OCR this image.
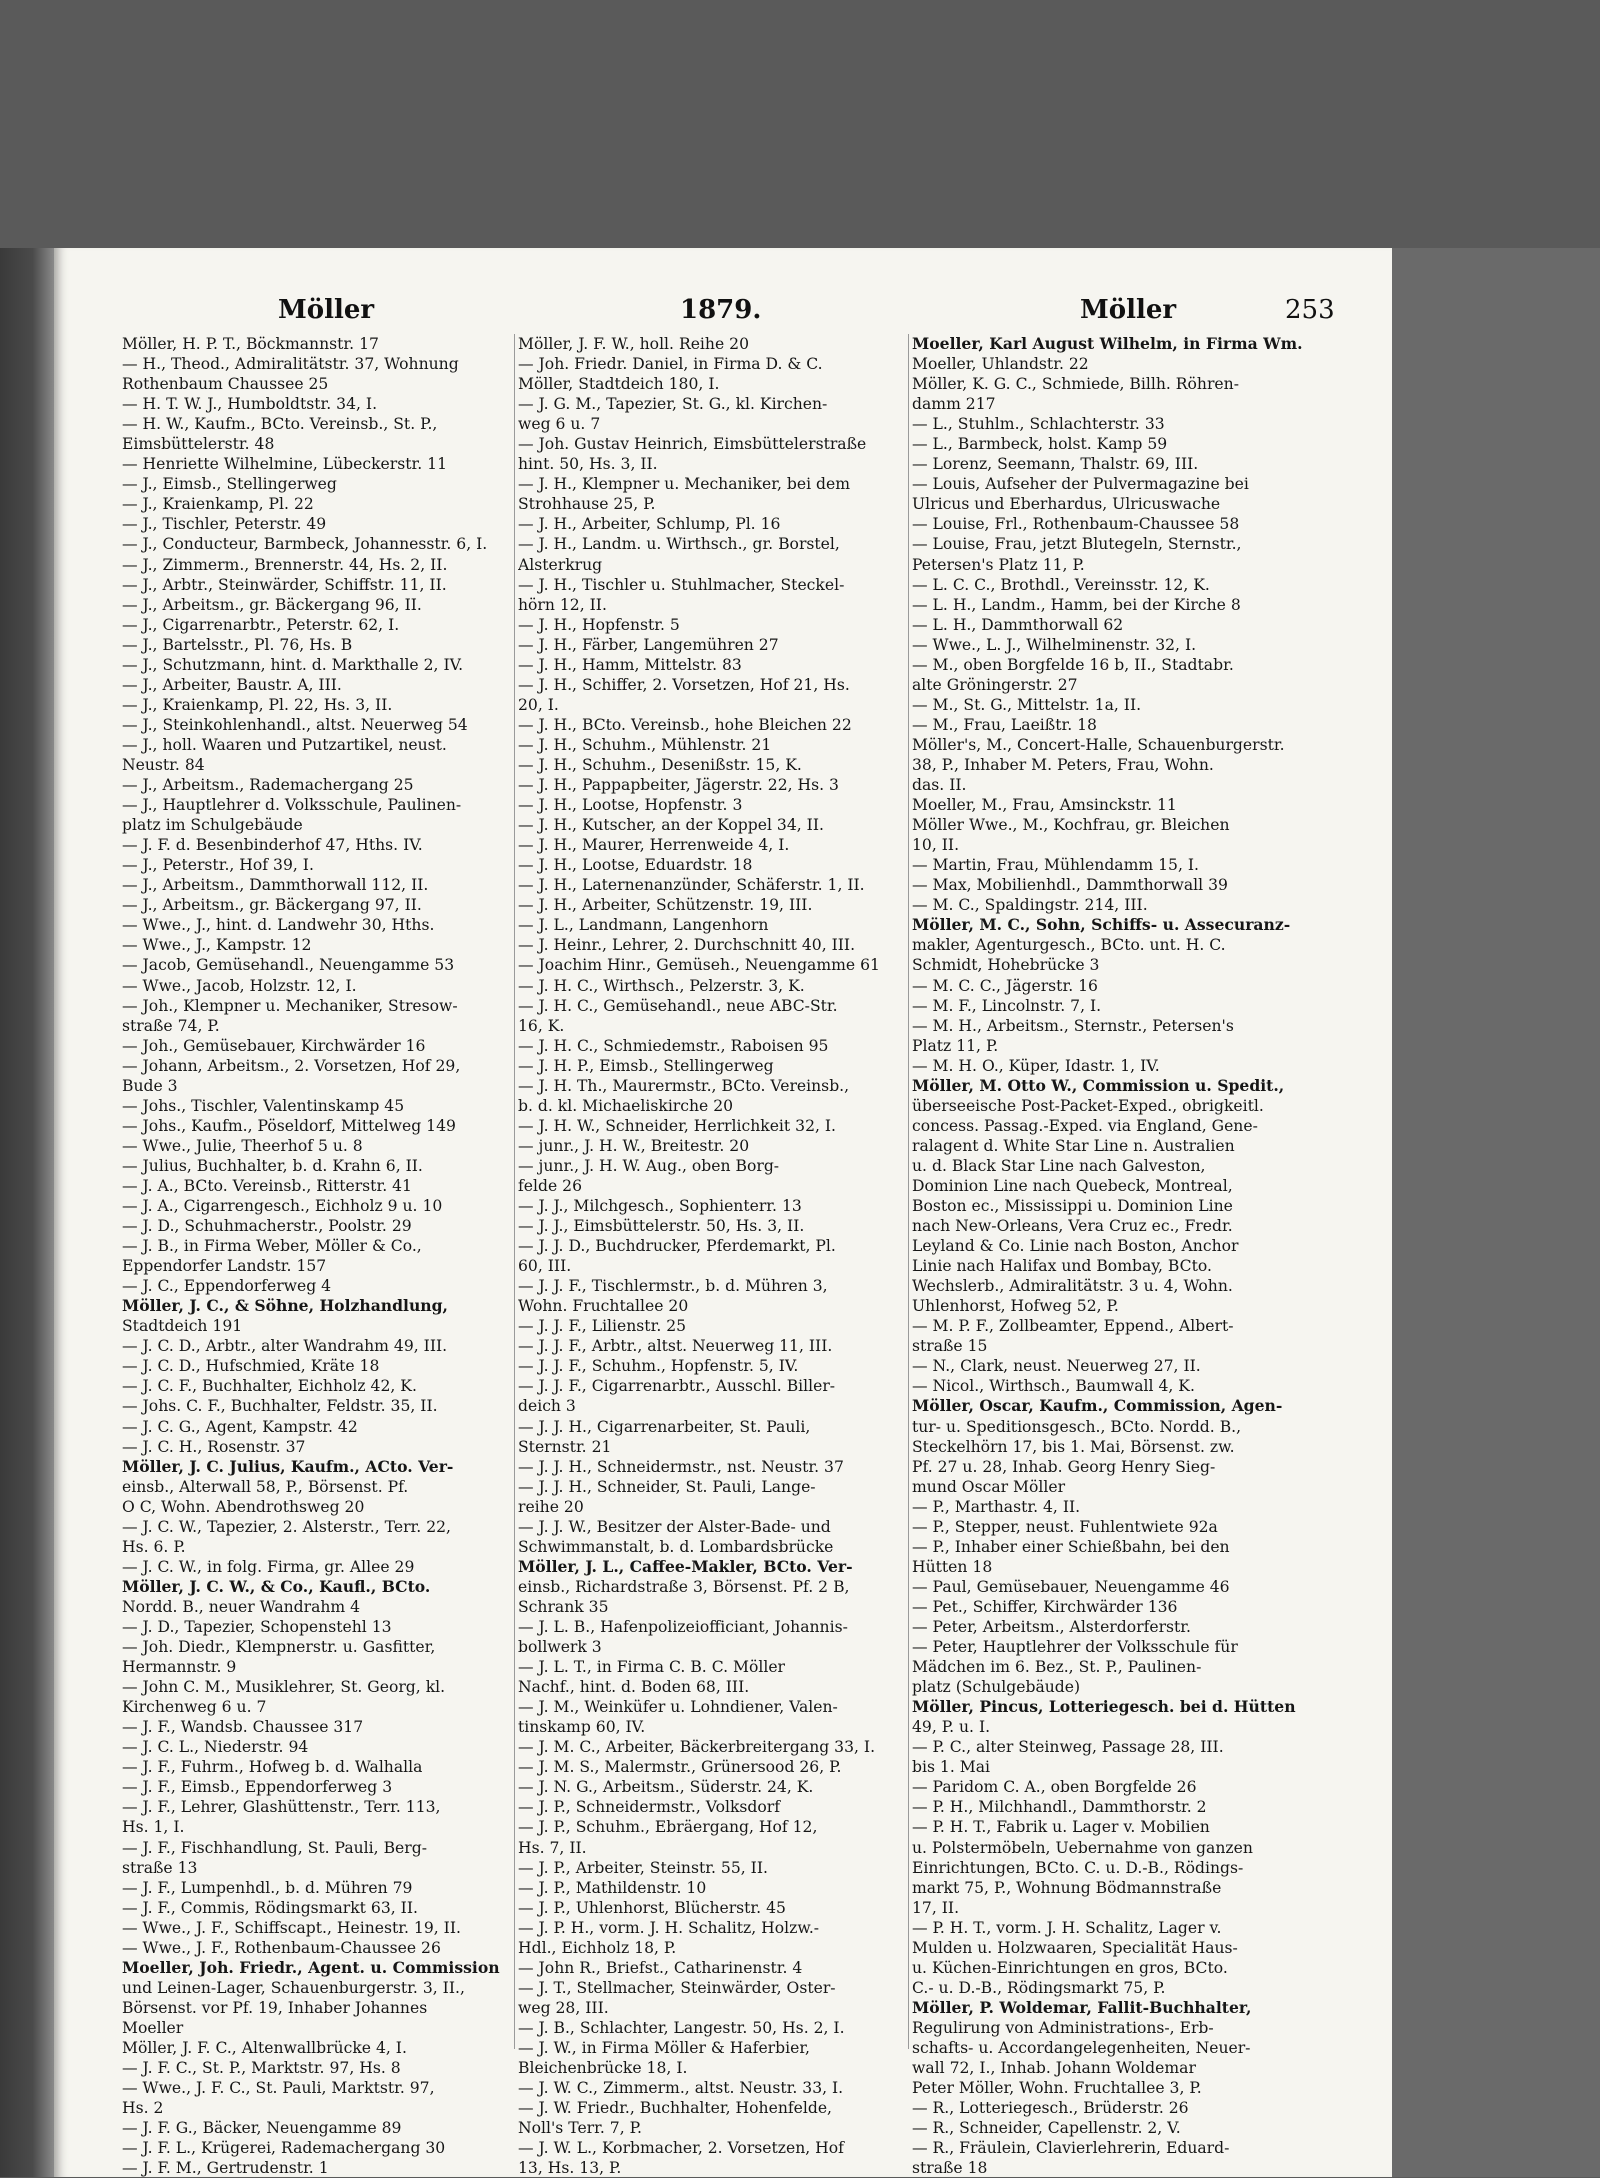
Möller	1879.	Möller	253
Möller, H. P. T., Böckmannstr. 17
— H., Theod., Admiralitätstr. 37, Wohnung
Rothenbaum Chaussee 25
— H. T. W. J., Humboldtstr. 34, I.
— H. W., Kaufm., BCto. Vereinsb., St. P.,
Eimsbüttelerstr. 48
— Henriette Wilhelmine, Lübeckerstr. 11
— J., Eimsb., Stellingerweg
— J., Kraienkamp, Pl. 22
— J., Tischler, Peterstr. 49
— J., Conducteur, Barmbeck, Johannesstr. 6, I.
— J., Zimmerm., Brennerstr. 44, Hs. 2, II.
— J., Arbtr., Steinwärder, Schiffstr. 11, II.
— J., Arbeitsm., gr. Bäckergang 96, II.
— J., Cigarrenarbtr., Peterstr. 62, I.
— J., Bartelsstr., Pl. 76, Hs. B
— J., Schutzmann, hint. d. Markthalle 2, IV.
— J., Arbeiter, Baustr. A, III.
— J., Kraienkamp, Pl. 22, Hs. 3, II.
— J., Steinkohlenhandl., altst. Neuerweg 54
— J., holl. Waaren und Putzartikel, neust.
Neustr. 84
— J., Arbeitsm., Rademachergang 25
— J., Hauptlehrer d. Volksschule, Paulinen-
platz im Schulgebäude
— J. F. d. Besenbinderhof 47, Hths. IV.
— J., Peterstr., Hof 39, I.
— J., Arbeitsm., Dammthorwall 112, II.
— J., Arbeitsm., gr. Bäckergang 97, II.
— Wwe., J., hint. d. Landwehr 30, Hths.
— Wwe., J., Kampstr. 12
— Jacob, Gemüsehandl., Neuengamme 53
— Wwe., Jacob, Holzstr. 12, I.
— Joh., Klempner u. Mechaniker, Stresow-
straße 74, P.
— Joh., Gemüsebauer, Kirchwärder 16
— Johann, Arbeitsm., 2. Vorsetzen, Hof 29,
Bude 3
— Johs., Tischler, Valentinskamp 45
— Johs., Kaufm., Pöseldorf, Mittelweg 149
— Wwe., Julie, Theerhof 5 u. 8
— Julius, Buchhalter, b. d. Krahn 6, II.
— J. A., BCto. Vereinsb., Ritterstr. 41
— J. A., Cigarrengesch., Eichholz 9 u. 10
— J. D., Schuhmacherstr., Poolstr. 29
— J. B., in Firma Weber, Möller & Co.,
Eppendorfer Landstr. 157
— J. C., Eppendorferweg 4
Möller, J. C., & Söhne, Holzhandlung,
Stadtdeich 191
— J. C. D., Arbtr., alter Wandrahm 49, III.
— J. C. D., Hufschmied, Kräte 18
— J. C. F., Buchhalter, Eichholz 42, K.
— Johs. C. F., Buchhalter, Feldstr. 35, II.
— J. C. G., Agent, Kampstr. 42
— J. C. H., Rosenstr. 37
Möller, J. C. Julius, Kaufm., ACto. Ver-
einsb., Alterwall 58, P., Börsenst. Pf.
O C, Wohn. Abendrothsweg 20
— J. C. W., Tapezier, 2. Alsterstr., Terr. 22,
Hs. 6. P.
— J. C. W., in folg. Firma, gr. Allee 29
Möller, J. C. W., & Co., Kaufl., BCto.
Nordd. B., neuer Wandrahm 4
— J. D., Tapezier, Schopenstehl 13
— Joh. Diedr., Klempnerstr. u. Gasfitter,
Hermannstr. 9
— John C. M., Musiklehrer, St. Georg, kl.
Kirchenweg 6 u. 7
— J. F., Wandsb. Chaussee 317
— J. C. L., Niederstr. 94
— J. F., Fuhrm., Hofweg b. d. Walhalla
— J. F., Eimsb., Eppendorferweg 3
— J. F., Lehrer, Glashüttenstr., Terr. 113,
Hs. 1, I.
— J. F., Fischhandlung, St. Pauli, Berg-
straße 13
— J. F., Lumpenhdl., b. d. Mühren 79
— J. F., Commis, Rödingsmarkt 63, II.
— Wwe., J. F., Schiffscapt., Heinestr. 19, II.
— Wwe., J. F., Rothenbaum-Chaussee 26
Moeller, Joh. Friedr., Agent. u. Commission
und Leinen-Lager, Schauenburgerstr. 3, II.,
Börsenst. vor Pf. 19, Inhaber Johannes
Moeller
Möller, J. F. C., Altenwallbrücke 4, I.
— J. F. C., St. P., Marktstr. 97, Hs. 8
— Wwe., J. F. C., St. Pauli, Marktstr. 97,
Hs. 2
— J. F. G., Bäcker, Neuengamme 89
— J. F. L., Krügerei, Rademachergang 30
— J. F. M., Gertrudenstr. 1
Möller, J. F. W., holl. Reihe 20
— Joh. Friedr. Daniel, in Firma D. & C.
Möller, Stadtdeich 180, I.
— J. G. M., Tapezier, St. G., kl. Kirchen-
weg 6 u. 7
— Joh. Gustav Heinrich, Eimsbüttelerstraße
hint. 50, Hs. 3, II.
— J. H., Klempner u. Mechaniker, bei dem
Strohhause 25, P.
— J. H., Arbeiter, Schlump, Pl. 16
— J. H., Landm. u. Wirthsch., gr. Borstel,
Alsterkrug
— J. H., Tischler u. Stuhlmacher, Steckel-
hörn 12, II.
— J. H., Hopfenstr. 5
— J. H., Färber, Langemühren 27
— J. H., Hamm, Mittelstr. 83
— J. H., Schiffer, 2. Vorsetzen, Hof 21, Hs.
20, I.
— J. H., BCto. Vereinsb., hohe Bleichen 22
— J. H., Schuhm., Mühlenstr. 21
— J. H., Schuhm., Desenißstr. 15, K.
— J. H., Pappарbeiter, Jägerstr. 22, Hs. 3
— J. H., Lootse, Hopfenstr. 3
— J. H., Kutscher, an der Koppel 34, II.
— J. H., Maurer, Herrenweide 4, I.
— J. H., Lootse, Eduardstr. 18
— J. H., Laternenanzünder, Schäferstr. 1, II.
— J. H., Arbeiter, Schützenstr. 19, III.
— J. L., Landmann, Langenhorn
— J. Heinr., Lehrer, 2. Durchschnitt 40, III.
— Joachim Hinr., Gemüseh., Neuengamme 61
— J. H. C., Wirthsch., Pelzerstr. 3, K.
— J. H. C., Gemüsehandl., neue ABC-Str.
16, K.
— J. H. C., Schmiedemstr., Raboisen 95
— J. H. P., Eimsb., Stellingerweg
— J. H. Th., Maurermstr., BCto. Vereinsb.,
b. d. kl. Michaeliskirche 20
— J. H. W., Schneider, Herrlichkeit 32, I.
— junr., J. H. W., Breitestr. 20
— junr., J. H. W. Aug., oben Borg-
felde 26
— J. J., Milchgesch., Sophienterr. 13
— J. J., Eimsbüttelerstr. 50, Hs. 3, II.
— J. J. D., Buchdrucker, Pferdemarkt, Pl.
60, III.
— J. J. F., Tischlermstr., b. d. Mühren 3,
Wohn. Fruchtallee 20
— J. J. F., Lilienstr. 25
— J. J. F., Arbtr., altst. Neuerweg 11, III.
— J. J. F., Schuhm., Hopfenstr. 5, IV.
— J. J. F., Cigarrenarbtr., Ausschl. Biller-
deich 3
— J. J. H., Cigarrenarbeiter, St. Pauli,
Sternstr. 21
— J. J. H., Schneidermstr., nst. Neustr. 37
— J. J. H., Schneider, St. Pauli, Lange-
reihe 20
— J. J. W., Besitzer der Alster-Bade- und
Schwimmanstalt, b. d. Lombardsbrücke
Möller, J. L., Caffee-Makler, BCto. Ver-
einsb., Richardstraße 3, Börsenst. Pf. 2 B,
Schrank 35
— J. L. B., Hafenpolizeiofficiant, Johannis-
bollwerk 3
— J. L. T., in Firma C. B. C. Möller
Nachf., hint. d. Boden 68, III.
— J. M., Weinküfer u. Lohndiener, Valen-
tinskamp 60, IV.
— J. M. C., Arbeiter, Bäckerbreitergang 33, I.
— J. M. S., Malermstr., Grünersood 26, P.
— J. N. G., Arbeitsm., Süderstr. 24, K.
— J. P., Schneidermstr., Volksdorf
— J. P., Schuhm., Ebräergang, Hof 12,
Hs. 7, II.
— J. P., Arbeiter, Steinstr. 55, II.
— J. P., Mathildenstr. 10
— J. P., Uhlenhorst, Blücherstr. 45
— J. P. H., vorm. J. H. Schalitz, Holzw.-
Hdl., Eichholz 18, P.
— John R., Briefst., Catharinenstr. 4
— J. T., Stellmacher, Steinwärder, Oster-
weg 28, III.
— J. B., Schlachter, Langestr. 50, Hs. 2, I.
— J. W., in Firma Möller & Haferbier,
Bleichenbrücke 18, I.
— J. W. C., Zimmerm., altst. Neustr. 33, I.
— J. W. Friedr., Buchhalter, Hohenfelde,
Noll's Terr. 7, P.
— J. W. L., Korbmacher, 2. Vorsetzen, Hof
13, Hs. 13, P.
Moeller, Karl August Wilhelm, in Firma Wm.
Moeller, Uhlandstr. 22
Möller, K. G. C., Schmiede, Billh. Röhren-
damm 217
— L., Stuhlm., Schlachterstr. 33
— L., Barmbeck, holst. Kamp 59
— Lorenz, Seemann, Thalstr. 69, III.
— Louis, Aufseher der Pulvermagazine bei
Ulricus und Eberhardus, Ulricuswache
— Louise, Frl., Rothenbaum-Chaussee 58
— Louise, Frau, jetzt Blutegeln, Sternstr.,
Petersen's Platz 11, P.
— L. C. C., Brothdl., Vereinsstr. 12, K.
— L. H., Landm., Hamm, bei der Kirche 8
— L. H., Dammthorwall 62
— Wwe., L. J., Wilhelminenstr. 32, I.
— M., oben Borgfelde 16 b, II., Stadtabr.
alte Gröningerstr. 27
— M., St. G., Mittelstr. 1a, II.
— M., Frau, Laeißtr. 18
Möller's, M., Concert-Halle, Schauenburgerstr.
38, P., Inhaber M. Peters, Frau, Wohn.
das. II.
Moeller, M., Frau, Amsinckstr. 11
Möller Wwe., M., Kochfrau, gr. Bleichen
10, II.
— Martin, Frau, Mühlendamm 15, I.
— Max, Mobilienhdl., Dammthorwall 39
— M. C., Spaldingstr. 214, III.
Möller, M. C., Sohn, Schiffs- u. Assecuranz-
makler, Agenturgesch., BCto. unt. H. C.
Schmidt, Hohebrücke 3
— M. C. C., Jägerstr. 16
— M. F., Lincolnstr. 7, I.
— M. H., Arbeitsm., Sternstr., Petersen's
Platz 11, P.
— M. H. O., Küper, Idastr. 1, IV.
Möller, M. Otto W., Commission u. Spedit.,
überseeische Post-Packet-Exped., obrigkeitl.
concess. Passag.-Exped. via England, Gene-
ralagent d. White Star Line n. Australien
u. d. Black Star Line nach Galveston,
Dominion Line nach Quebeck, Montreal,
Boston ec., Mississippi u. Dominion Line
nach New-Orleans, Vera Cruz ec., Fredr.
Leyland & Co. Linie nach Boston, Anchor
Linie nach Halifax und Bombay, BCto.
Wechslerb., Admiralitätstr. 3 u. 4, Wohn.
Uhlenhorst, Hofweg 52, P.
— M. P. F., Zollbeamter, Eppend., Albert-
straße 15
— N., Clark, neust. Neuerweg 27, II.
— Nicol., Wirthsch., Baumwall 4, K.
Möller, Oscar, Kaufm., Commission, Agen-
tur- u. Speditionsgesch., BCto. Nordd. B.,
Steckelhörn 17, bis 1. Mai, Börsenst. zw.
Pf. 27 u. 28, Inhab. Georg Henry Sieg-
mund Oscar Möller
— P., Marthastr. 4, II.
— P., Stepper, neust. Fuhlentwiete 92a
— P., Inhaber einer Schießbahn, bei den
Hütten 18
— Paul, Gemüsebauer, Neuengamme 46
— Pet., Schiffer, Kirchwärder 136
— Peter, Arbeitsm., Alsterdorferstr.
— Peter, Hauptlehrer der Volksschule für
Mädchen im 6. Bez., St. P., Paulinen-
platz (Schulgebäude)
Möller, Pincus, Lotteriegesch. bei d. Hütten
49, P. u. I.
— P. C., alter Steinweg, Passage 28, III.
bis 1. Mai
— Paridom C. A., oben Borgfelde 26
— P. H., Milchhandl., Dammthorstr. 2
— P. H. T., Fabrik u. Lager v. Mobilien
u. Polstermöbeln, Uebernahme von ganzen
Einrichtungen, BCto. C. u. D.-B., Rödings-
markt 75, P., Wohnung Bödmannstraße
17, II.
— P. H. T., vorm. J. H. Schalitz, Lager v.
Mulden u. Holzwaaren, Specialität Haus-
u. Küchen-Einrichtungen en gros, BCto.
C.- u. D.-B., Rödingsmarkt 75, P.
Möller, P. Woldemar, Fallit-Buchhalter,
Regulirung von Administrations-, Erb-
schafts- u. Accordangelegenheiten, Neuer-
wall 72, I., Inhab. Johann Woldemar
Peter Möller, Wohn. Fruchtallee 3, P.
— R., Lotteriegesch., Brüderstr. 26
— R., Schneider, Capellenstr. 2, V.
— R., Fräulein, Clavierlehrerin, Eduard-
straße 18
